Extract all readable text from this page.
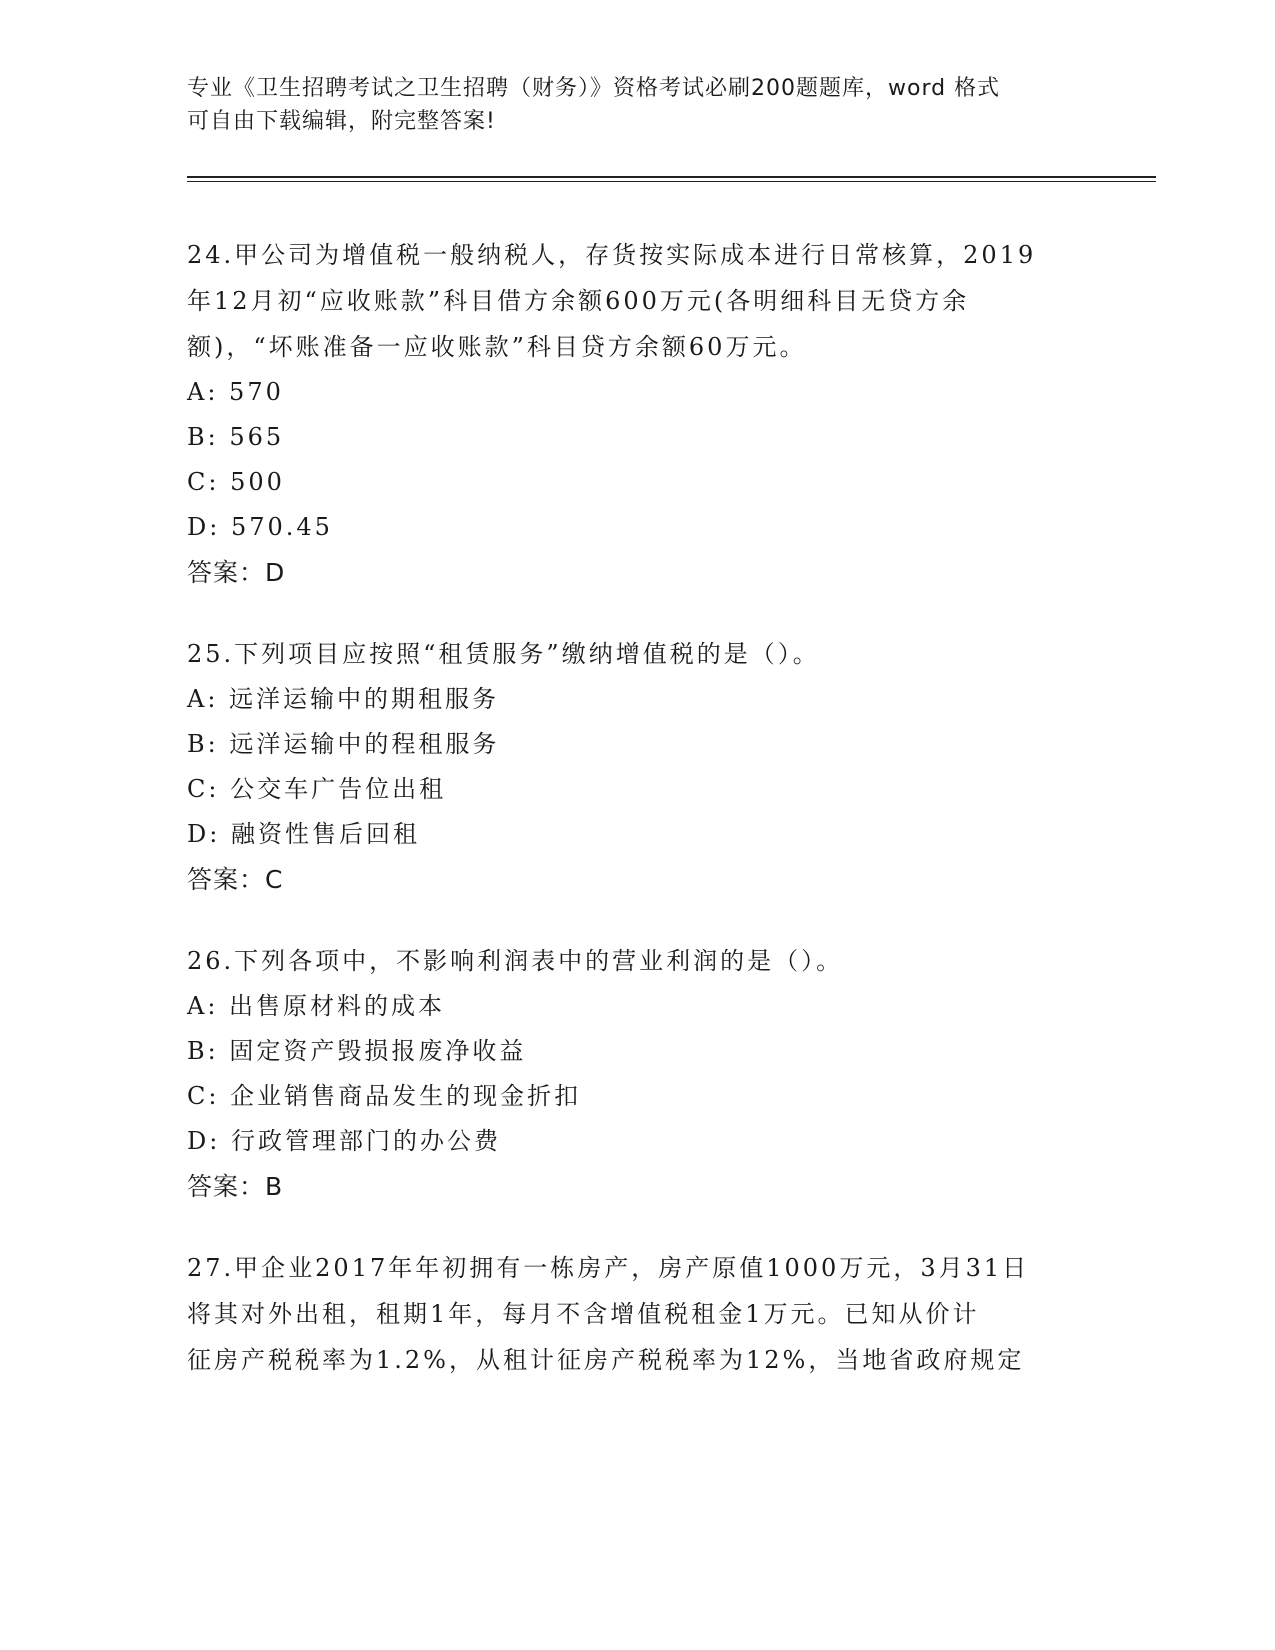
专业《卫生招聘考试之卫生招聘（财务）》资格考试必刷200题题库，word 格式
可自由下载编辑，附完整答案!
24.甲公司为增值税一般纳税人，存货按实际成本进行日常核算，2019
年12月初“应收账款”科目借方余额600万元(各明细科目无贷方余
额)，“坏账准备一应收账款”科目贷方余额60万元。
A: 570
B: 565
C: 500
D: 570.45
答案：D
25.下列项目应按照“租赁服务”缴纳增值税的是（）。
A: 远洋运输中的期租服务
B: 远洋运输中的程租服务
C: 公交车广告位出租
D: 融资性售后回租
答案：C
26.下列各项中，不影响利润表中的营业利润的是（）。
A: 出售原材料的成本
B: 固定资产毁损报废净收益
C: 企业销售商品发生的现金折扣
D: 行政管理部门的办公费
答案：B
27.甲企业2017年年初拥有一栋房产，房产原值1000万元，3月31日
将其对外出租，租期1年，每月不含增值税租金1万元。已知从价计
征房产税税率为1.2%，从租计征房产税税率为12%，当地省政府规定
